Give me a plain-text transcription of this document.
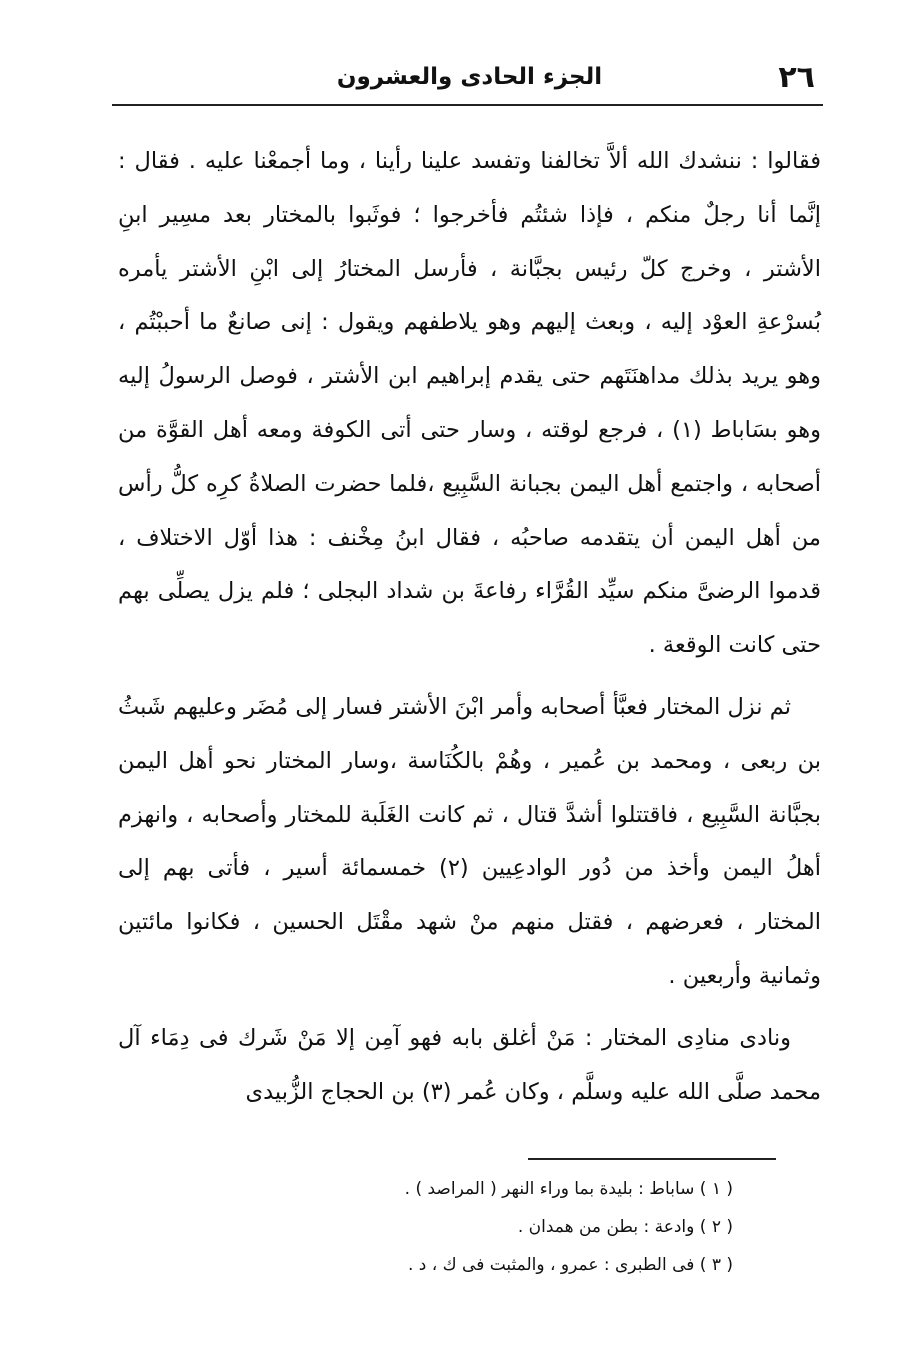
٢٦
الجزء الحادى والعشرون

فقالوا : ننشدك الله ألاَّ تخالفنا وتفسد علينا رأينا ، وما أجمعْنا عليه . فقال : إنَّما أنا رجلٌ منكم ، فإذا شئتُم فأخرجوا ؛ فوثَبوا بالمختار بعد مسِير ابنِ الأشتر ، وخرج كلّ رئيس بجبَّانة ، فأرسل المختارُ إلى ابْنِ الأشتر يأمره بُسرْعةِ العوْد إليه ، وبعث إليهم وهو يلاطفهم ويقول : إنى صانعٌ ما أحببْتُم ، وهو يريد بذلك مداهنَتَهم حتى يقدم إبراهيم ابن الأشتر ، فوصل الرسولُ إليه وهو بسَاباط (١) ، فرجع لوقته ، وسار حتى أتى الكوفة ومعه أهل القوَّة من أصحابه ، واجتمع أهل اليمن بجبانة السَّبِيع ،فلما حضرت الصلاةُ كرِه كلُّ رأس من أهل اليمن أن يتقدمه صاحبُه ، فقال ابنُ مِخْنف : هذا أوّل الاختلاف ، قدموا الرضىَّ منكم سيِّد القُرَّاء رفاعةَ بن شداد البجلى ؛ فلم يزل يصلِّى بهم حتى كانت الوقعة .

ثم نزل المختار فعبَّأ أصحابه وأمر ابْنَ الأشتر فسار إلى مُضَر وعليهم شَبثُ بن ربعى ، ومحمد بن عُمير ، وهُمْ بالكُنَاسة ،وسار المختار نحو أهل اليمن بجبَّانة السَّبِيع ، فاقتتلوا أشدَّ قتال ، ثم كانت الغَلَبة للمختار وأصحابه ، وانهزم أهلُ اليمن وأخذ من دُور الوادعِيين (٢) خمسمائة أسير ، فأتى بهم إلى المختار ، فعرضهم ، فقتل منهم منْ شهد مقْتَل الحسين ، فكانوا مائتين وثمانية وأربعين .

ونادى منادِى المختار : مَنْ أغلق بابه فهو آمِن إلا مَنْ شَرك فى دِمَاء آل محمد صلَّى الله عليه وسلَّم ، وكان عُمر (٣) بن الحجاج الزُّبيدى

( ١ ) ساباط : بليدة بما وراء النهر ( المراصد ) .

( ٢ ) وادعة : بطن من همدان .

( ٣ ) فى الطبرى : عمرو ، والمثبت فى ك ، د .
